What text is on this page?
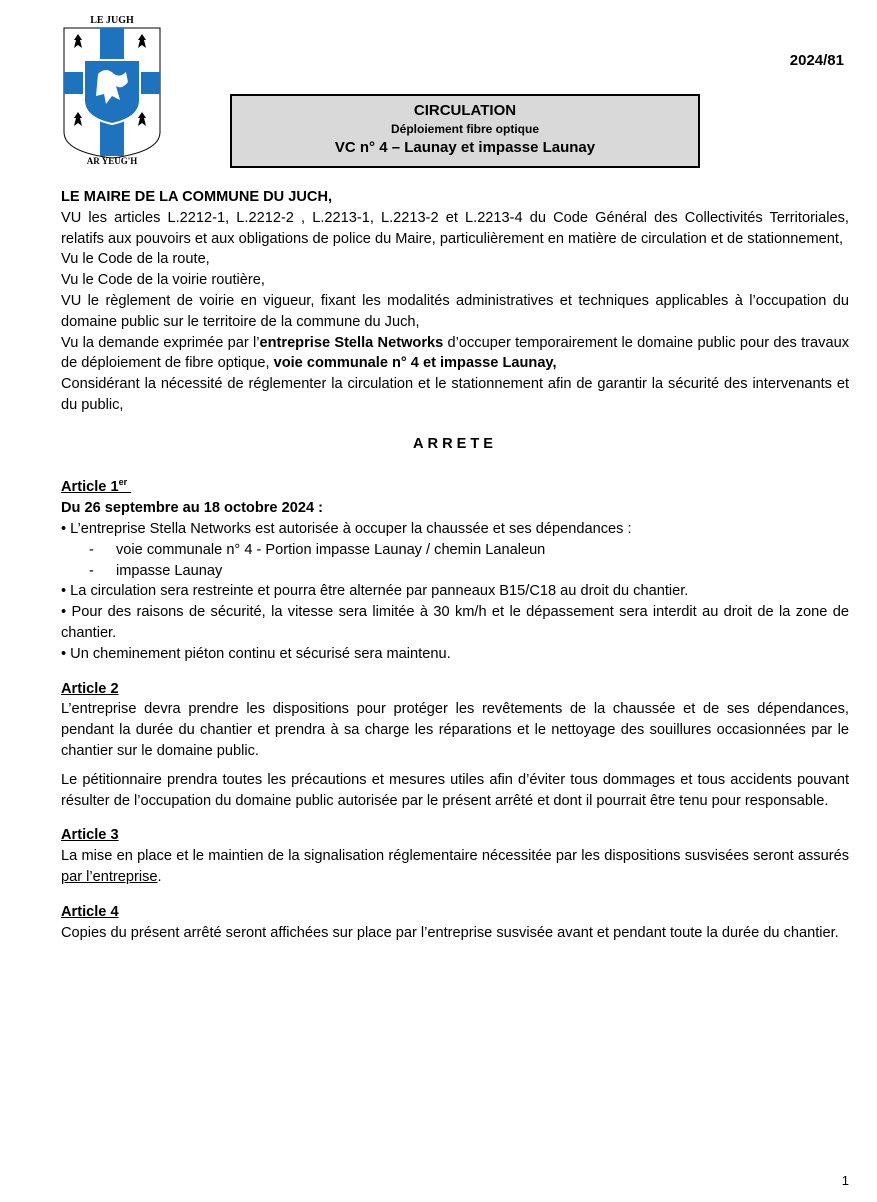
LE JUGH
AR YEUG'H
2024/81
CIRCULATION
Déploiement fibre optique
VC n° 4 – Launay et impasse Launay

LE MAIRE DE LA COMMUNE DU JUCH,

VU les articles L.2212-1, L.2212-2 , L.2213-1, L.2213-2 et L.2213-4 du Code Général des Collectivités Territoriales, relatifs aux pouvoirs et aux obligations de police du Maire, particulièrement en matière de circulation et de stationnement,

Vu le Code de la route,

Vu le Code de la voirie routière,

VU le règlement de voirie en vigueur, fixant les modalités administratives et techniques applicables à l’occupation du domaine public sur le territoire de la commune du Juch,

Vu la demande exprimée par l’entreprise Stella Networks d’occuper temporairement le domaine public pour des travaux de déploiement de fibre optique, voie communale n° 4 et impasse Launay,

Considérant la nécessité de réglementer la circulation et le stationnement afin de garantir la sécurité des intervenants et du public,

ARRETE

Article 1er

Du 26 septembre au 18 octobre 2024 :

• L’entreprise Stella Networks est autorisée à occuper la chaussée et ses dépendances :

- voie communale n° 4 - Portion impasse Launay / chemin Lanaleun

- impasse Launay

• La circulation sera restreinte et pourra être alternée par panneaux B15/C18 au droit du chantier.

• Pour des raisons de sécurité, la vitesse sera limitée à 30 km/h et le dépassement sera interdit au droit de la zone de chantier.

• Un cheminement piéton continu et sécurisé sera maintenu.

Article 2

L’entreprise devra prendre les dispositions pour protéger les revêtements de la chaussée et de ses dépendances, pendant la durée du chantier et prendra à sa charge les réparations et le nettoyage des souillures occasionnées par le chantier sur le domaine public.

Le pétitionnaire prendra toutes les précautions et mesures utiles afin d’éviter tous dommages et tous accidents pouvant résulter de l’occupation du domaine public autorisée par le présent arrêté et dont il pourrait être tenu pour responsable.

Article 3

La mise en place et le maintien de la signalisation réglementaire nécessitée par les dispositions susvisées seront assurés par l’entreprise.

Article 4

Copies du présent arrêté seront affichées sur place par l’entreprise susvisée avant et pendant toute la durée du chantier.

1
